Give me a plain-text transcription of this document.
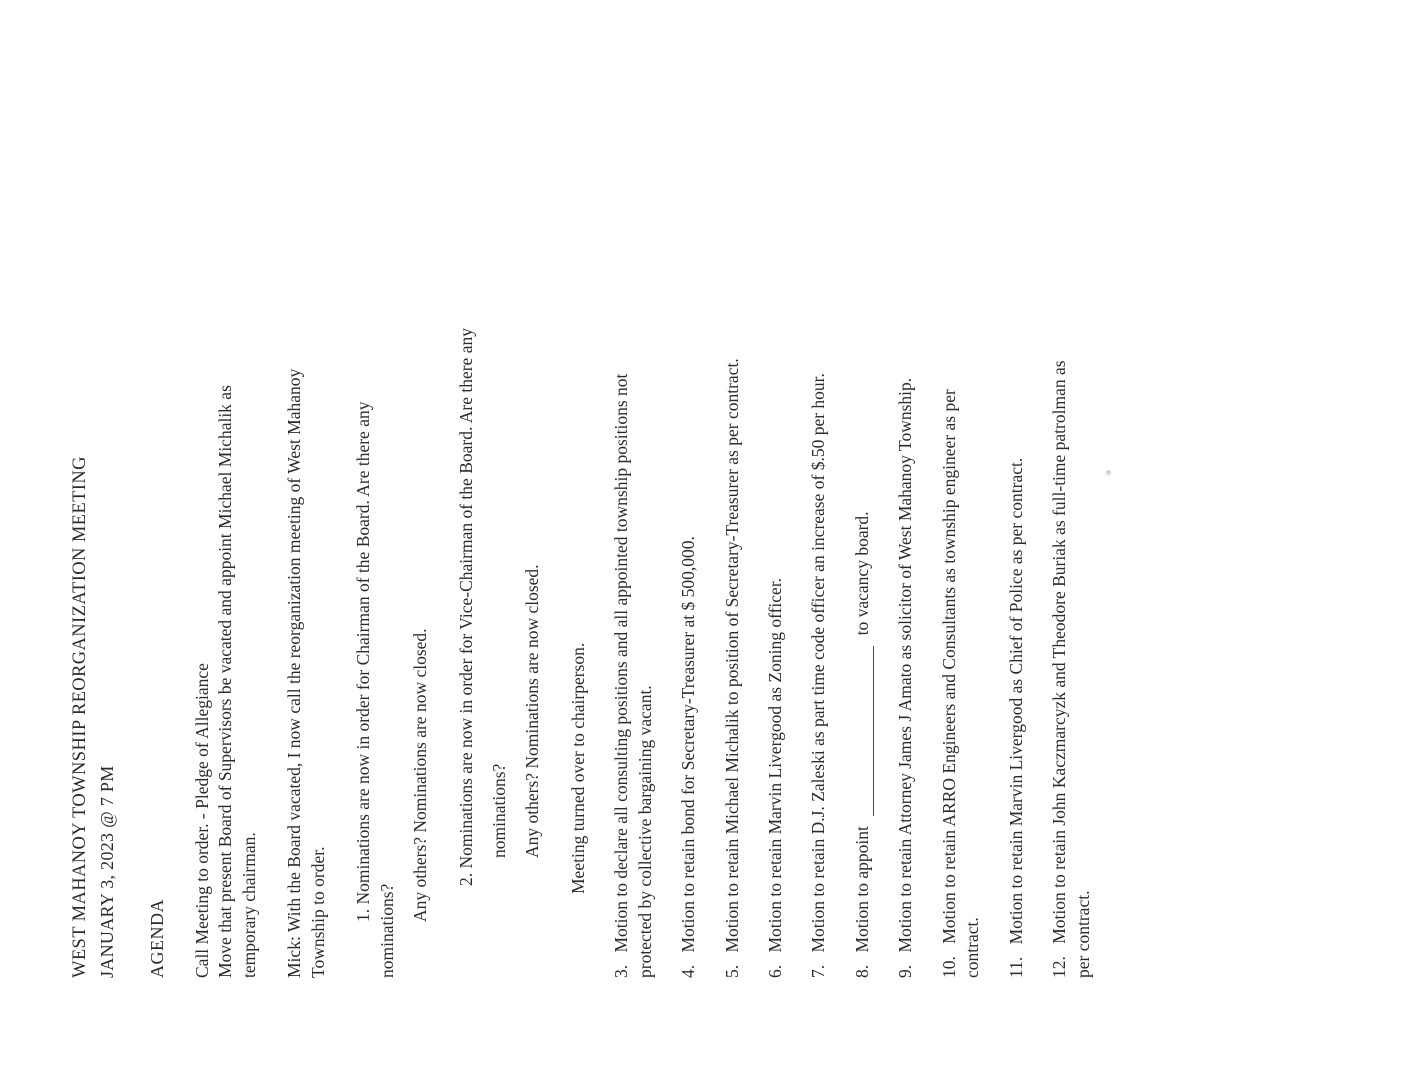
WEST MAHANOY TOWNSHIP REORGANIZATION MEETING JANUARY 3, 2023 @ 7 PM AGENDA Call Meeting to order. - Pledge of Allegiance Move that present Board of Supervisors be vacated and appoint Michael Michalik as temporary chairman. Mick: With the Board vacated, I now call the reorganization meeting of West Mahanoy Township to order. 1. Nominations are now in order for Chairman of the Board. Are there any
nominations?
Any others? Nominations are now closed. 2. Nominations are now in order for Vice-Chairman of the Board. Are there any nominations? Any others? Nominations are now closed. Meeting turned over to chairperson.
3. Motion to declare all consulting positions and all appointed township positions not protected by collective bargaining vacant. 4. Motion to retain bond for Secretary-Treasurer at $ 500,000.
5. Motion to retain Michael Michalik to position of Secretary-Treasurer as per contract.
6. Motion to retain Marvin Livergood as Zoning officer.
7. Motion to retain D.J. Zaleski as part time code officer an increase of $.50 per hour.
8. Motion to appoint  to vacancy board.
9. Motion to retain Attorney James J Amato as solicitor of West Mahanoy Township.
10. Motion to retain ARRO Engineers and Consultants as township engineer as per
contract. 11. Motion to retain Marvin Livergood as Chief of Police as per contract.
12. Motion to retain John Kaczmarcyzk and Theodore Buriak as full-time patrolman as per contract.
